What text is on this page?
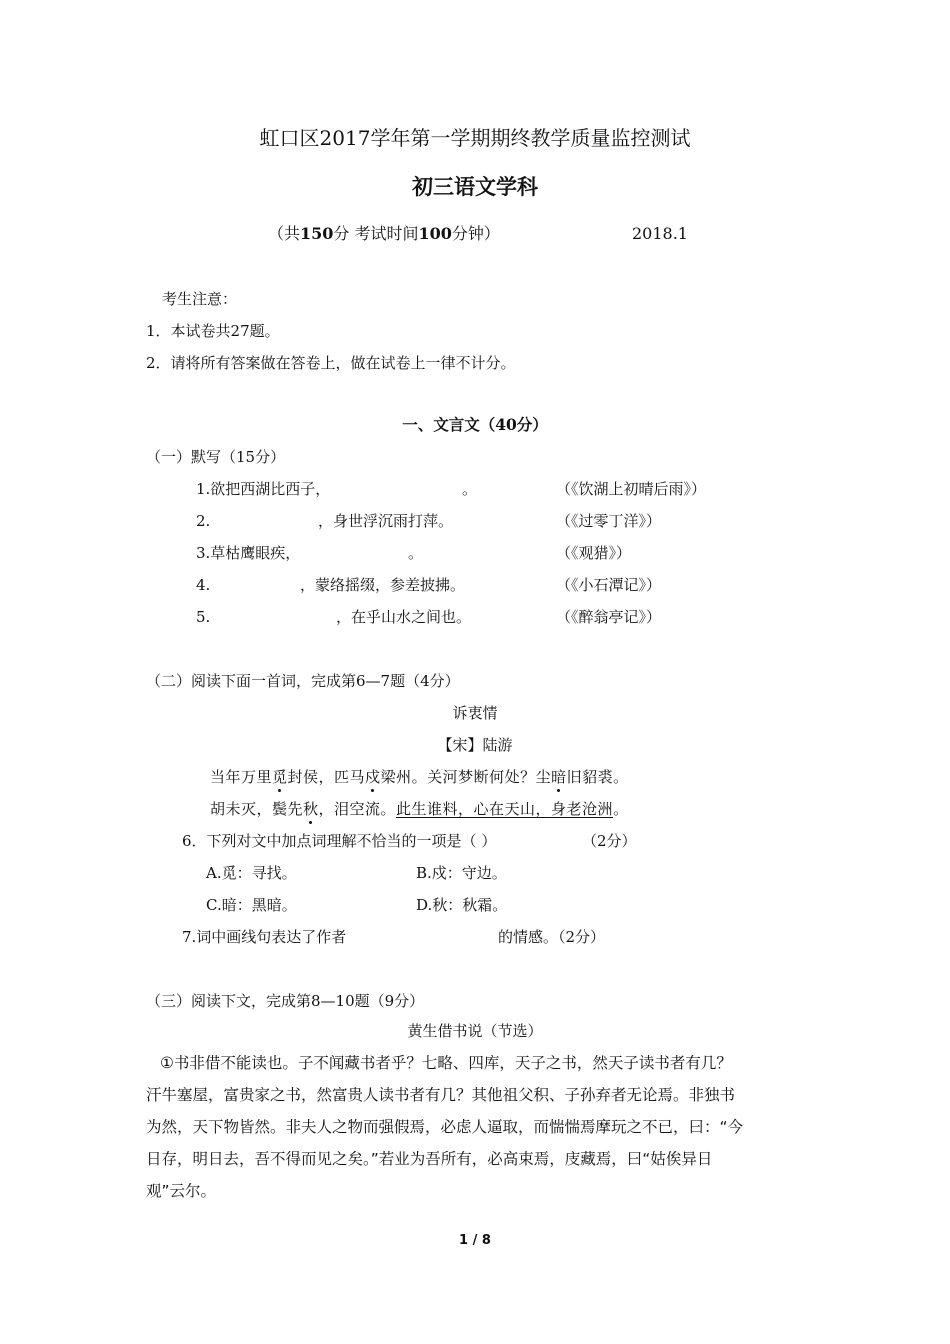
虹口区2017学年第一学期期终教学质量监控测试
初三语文学科
（共150分 考试时间100分钟）	2018.1
考生注意：
1．本试卷共27题。
2．请将所有答案做在答卷上，做在试卷上一律不计分。
一、文言文（40分）
（一）默写（15分）
1.欲把西湖比西子，	。	（《饮湖上初晴后雨》）
2.	，身世浮沉雨打萍。	（《过零丁洋》）
3.草枯鹰眼疾，	。	（《观猎》）
4.	，蒙络摇缀，参差披拂。	（《小石潭记》）
5.	，在乎山水之间也。	（《醉翁亭记》）
（二）阅读下面一首词，完成第6—7题（4分）
诉衷情
【宋】陆游
当年万里觅封侯，匹马戍梁州。关河梦断何处？尘暗旧貂裘。
胡未灭，鬓先秋，泪空流。此生谁料，心在天山，身老沧洲。
6．下列对文中加点词理解不恰当的一项是（ ）	（2分）
A.觅：寻找。	B.戍：守边。
C.暗：黑暗。	D.秋：秋霜。
7.词中画线句表达了作者	的情感。（2分）
（三）阅读下文，完成第8—10题（9分）
黄生借书说（节选）
①书非借不能读也。子不闻藏书者乎？七略、四库，天子之书，然天子读书者有几？
汗牛塞屋，富贵家之书，然富贵人读书者有几？其他祖父积、子孙弃者无论焉。非独书
为然，天下物皆然。非夫人之物而强假焉，必虑人逼取，而惴惴焉摩玩之不已，曰：“今
日存，明日去，吾不得而见之矣。”若业为吾所有，必高束焉，庋藏焉，曰“姑俟异日
观”云尔。
1 / 8
